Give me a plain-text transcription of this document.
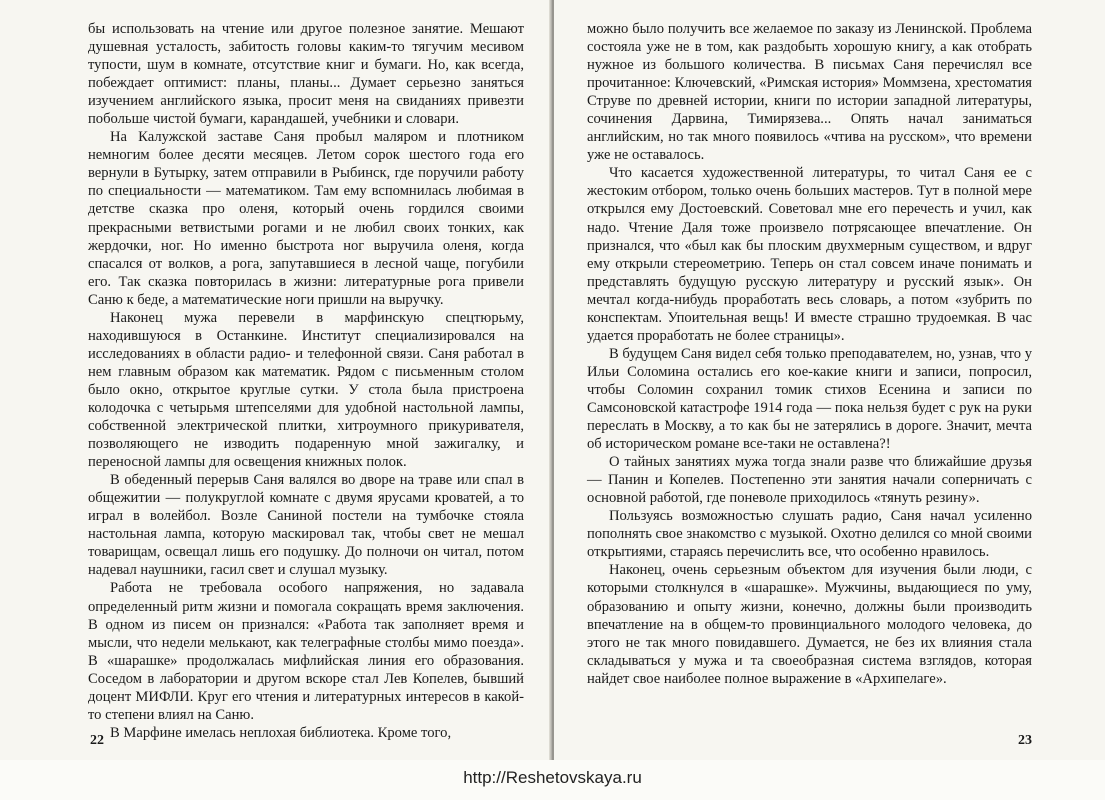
бы использовать на чтение или другое полезное занятие. Мешают душевная усталость, забитость головы каким-то тягучим месивом тупости, шум в комнате, отсутствие книг и бумаги. Но, как всегда, побеждает оптимист: планы, планы... Думает серьезно заняться изучением английского языка, просит меня на свиданиях привезти побольше чистой бумаги, карандашей, учебники и словари.

На Калужской заставе Саня пробыл маляром и плотником немногим более десяти месяцев. Летом сорок шестого года его вернули в Бутырку, затем отправили в Рыбинск, где поручили работу по специальности — математиком. Там ему вспомнилась любимая в детстве сказка про оленя, который очень гордился своими прекрасными ветвистыми рогами и не любил своих тонких, как жердочки, ног. Но именно быстрота ног выручила оленя, когда спасался от волков, а рога, запутавшиеся в лесной чаще, погубили его. Так сказка повторилась в жизни: литературные рога привели Саню к беде, а математические ноги пришли на выручку.

Наконец мужа перевели в марфинскую спецтюрьму, находившуюся в Останкине. Институт специализировался на исследованиях в области радио- и телефонной связи. Саня работал в нем главным образом как математик. Рядом с письменным столом было окно, открытое круглые сутки. У стола была пристроена колодочка с четырьмя штепселями для удобной настольной лампы, собственной электрической плитки, хитроумного прикуривателя, позволяющего не изводить подаренную мной зажигалку, и переносной лампы для освещения книжных полок.

В обеденный перерыв Саня валялся во дворе на траве или спал в общежитии — полукруглой комнате с двумя ярусами кроватей, а то играл в волейбол. Возле Саниной постели на тумбочке стояла настольная лампа, которую маскировал так, чтобы свет не мешал товарищам, освещал лишь его подушку. До полночи он читал, потом надевал наушники, гасил свет и слушал музыку.

Работа не требовала особого напряжения, но задавала определенный ритм жизни и помогала сокращать время заключения. В одном из писем он признался: «Работа так заполняет время и мысли, что недели мелькают, как телеграфные столбы мимо поезда». В «шарашке» продолжалась мифлийская линия его образования. Соседом в лаборатории и другом вскоре стал Лев Копелев, бывший доцент МИФЛИ. Круг его чтения и литературных интересов в какой-то степени влиял на Саню.

В Марфине имелась неплохая библиотека. Кроме того,

22

можно было получить все желаемое по заказу из Ленинской. Проблема состояла уже не в том, как раздобыть хорошую книгу, а как отобрать нужное из большого количества. В письмах Саня перечислял все прочитанное: Ключевский, «Римская история» Моммзена, хрестоматия Струве по древней истории, книги по истории западной литературы, сочинения Дарвина, Тимирязева... Опять начал заниматься английским, но так много появилось «чтива на русском», что времени уже не оставалось.

Что касается художественной литературы, то читал Саня ее с жестоким отбором, только очень больших мастеров. Тут в полной мере открылся ему Достоевский. Советовал мне его перечесть и учил, как надо. Чтение Даля тоже произвело потрясающее впечатление. Он признался, что «был как бы плоским двухмерным существом, и вдруг ему открыли стереометрию. Теперь он стал совсем иначе понимать и представлять будущую русскую литературу и русский язык». Он мечтал когда-нибудь проработать весь словарь, а потом «зубрить по конспектам. Упоительная вещь! И вместе страшно трудоемкая. В час удается проработать не более страницы».

В будущем Саня видел себя только преподавателем, но, узнав, что у Ильи Соломина остались его кое-какие книги и записи, попросил, чтобы Соломин сохранил томик стихов Есенина и записи по Самсоновской катастрофе 1914 года — пока нельзя будет с рук на руки переслать в Москву, а то как бы не затерялись в дороге. Значит, мечта об историческом романе все-таки не оставлена?!

О тайных занятиях мужа тогда знали разве что ближайшие друзья — Панин и Копелев. Постепенно эти занятия начали соперничать с основной работой, где поневоле приходилось «тянуть резину».

Пользуясь возможностью слушать радио, Саня начал усиленно пополнять свое знакомство с музыкой. Охотно делился со мной своими открытиями, стараясь перечислить все, что особенно нравилось.

Наконец, очень серьезным объектом для изучения были люди, с которыми столкнулся в «шарашке». Мужчины, выдающиеся по уму, образованию и опыту жизни, конечно, должны были производить впечатление на в общем-то провинциального молодого человека, до этого не так много повидавшего. Думается, не без их влияния стала складываться у мужа и та своеобразная система взглядов, которая найдет свое наиболее полное выражение в «Архипелаге».

23
http://Reshetovskaya.ru
